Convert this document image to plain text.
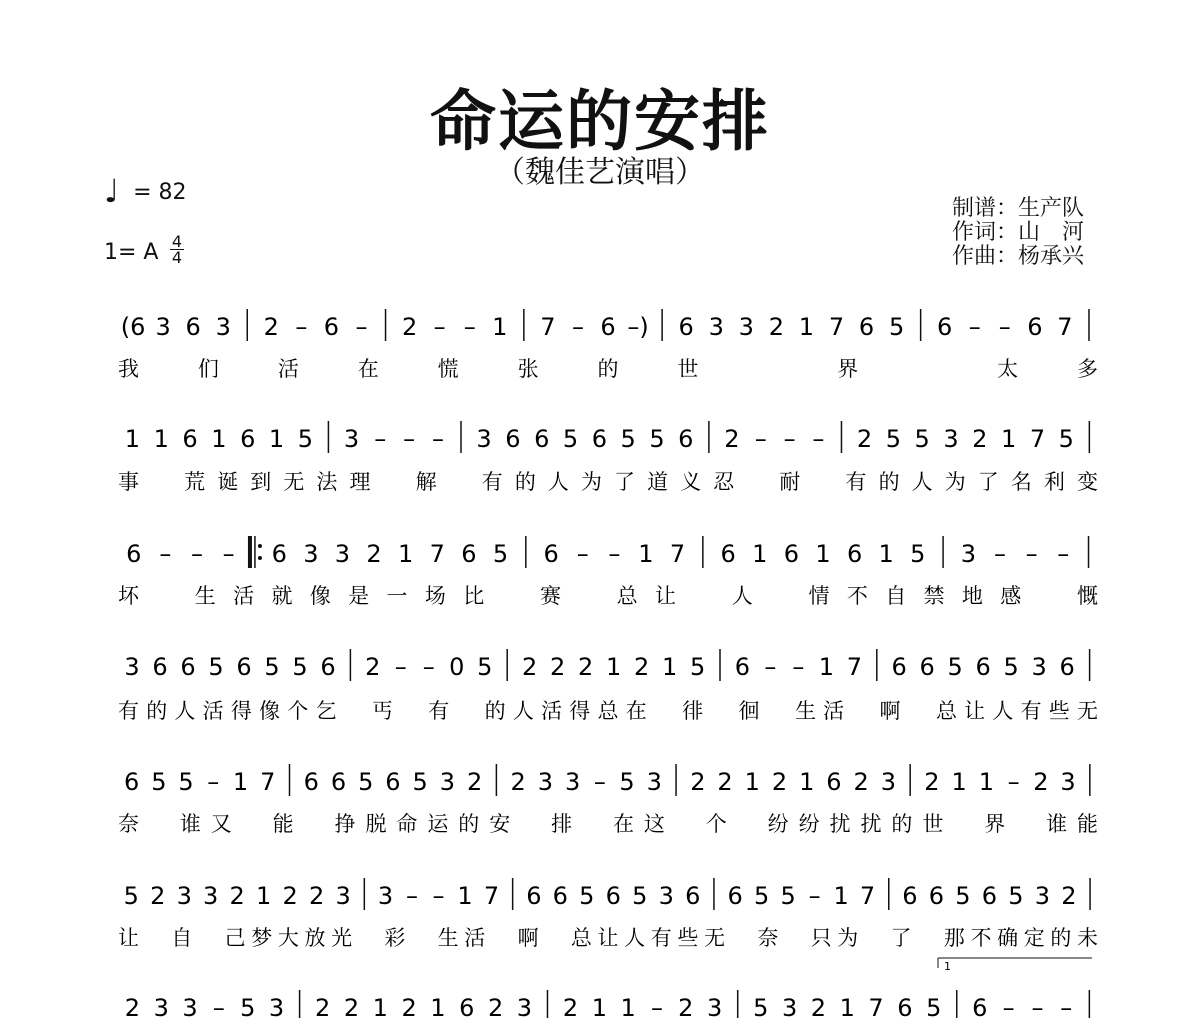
命运的安排
（魏佳艺演唱）
♩ = 82
1= A 4
4
制谱：生产队
作词：山　河
作曲：杨承兴
(6 3 6 3 2 – 6 – 2 – – 1 7 – 6 –) 6 3 3 2 1 7 6 5 6 – – 6 7
我们活在慌张的世　界　太多
1 1 6 1 6 1 5 3 – – – 3 6 6 5 6 5 5 6 2 – – – 2 5 5 3 2 1 7 5
事　荒诞到无法理　解　有的人为了道义忍　耐　有的人为了名利变
6 – – – 6 3 3 2 1 7 6 5 6 – – 1 7 6 1 6 1 6 1 5 3 – – –
坏　生活就像是一场比　赛　总让　人　情不自禁地感　慨
3 6 6 5 6 5 5 6 2 – – 0 5 2 2 2 1 2 1 5 6 – – 1 7 6 6 5 6 5 3 6
有的人活得像个乞　丐　有　的人活得总在　徘　徊　生活　啊　总让人有些无
6 5 5 – 1 7 6 6 5 6 5 3 2 2 3 3 – 5 3 2 2 1 2 1 6 2 3 2 1 1 – 2 3
奈　谁又　能　挣脱命运的安　排　在这　个　纷纷扰扰的世　界　谁能
5 2 3 3 2 1 2 2 3 3 – – 1 7 6 6 5 6 5 3 6 6 5 5 – 1 7 6 6 5 6 5 3 2
让　自　己梦大放光　彩　生活　啊　总让人有些无　奈　只为　了　那不确定的未
2 3 3 – 5 3 2 2 1 2 1 6 2 3 2 1 1 – 2 3 5 3 2 1 7 6 5 6 – – –
1
